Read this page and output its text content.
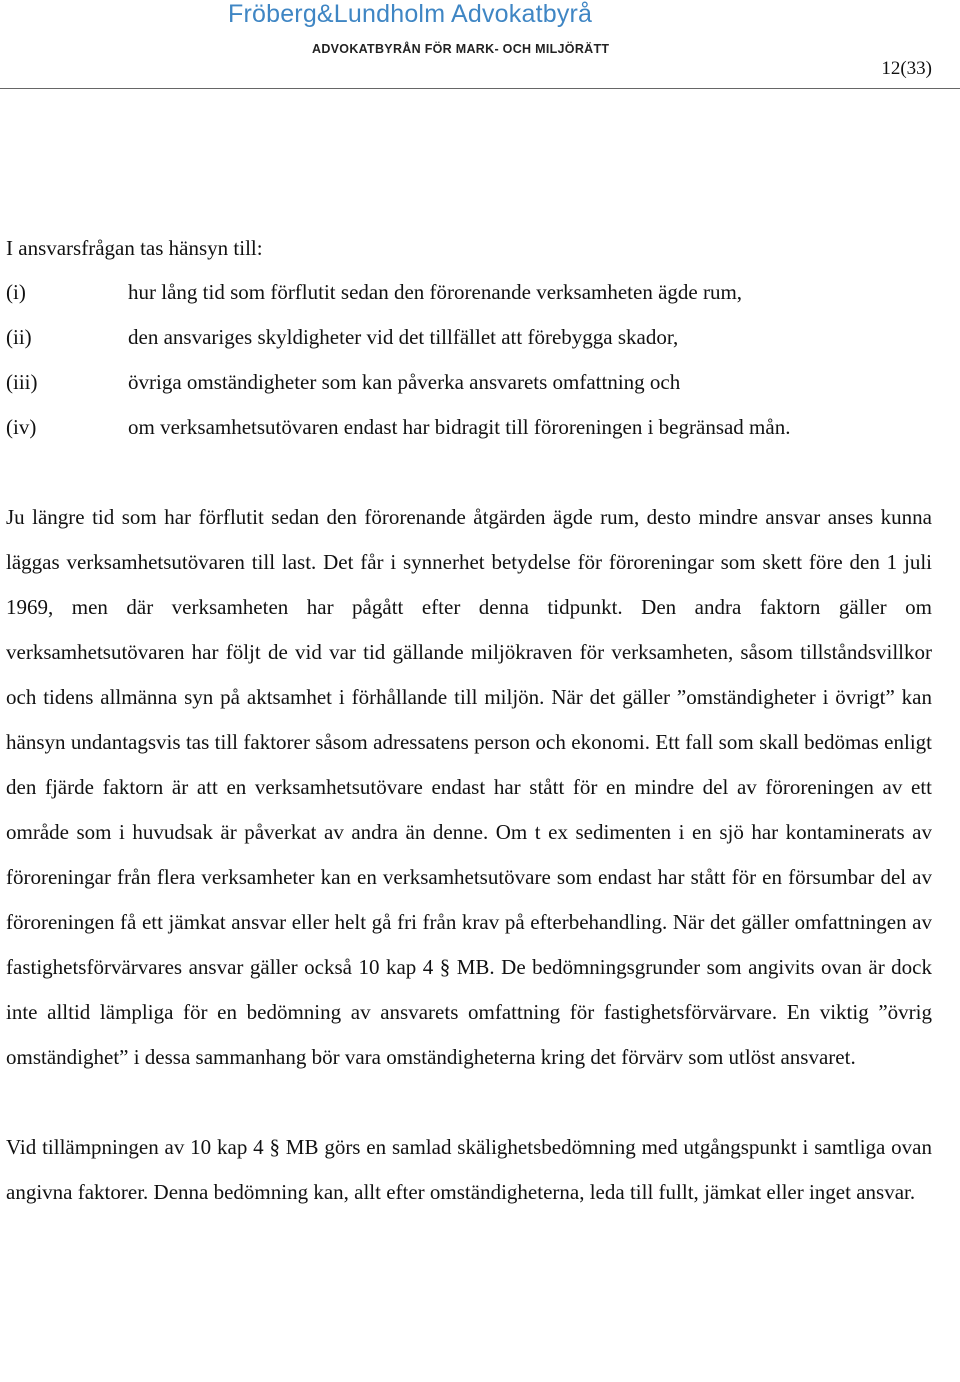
Fröberg&Lundholm Advokatbyrå
ADVOKATBYRÅN FÖR MARK- OCH MILJÖRÄTT
12(33)
I ansvarsfrågan tas hänsyn till:
(i)	hur lång tid som förflutit sedan den förorenande verksamheten ägde rum,
(ii)	den ansvariges skyldigheter vid det tillfället att förebygga skador,
(iii)	övriga omständigheter som kan påverka ansvarets omfattning och
(iv)	om verksamhetsutövaren endast har bidragit till föroreningen i begränsad mån.

Ju längre tid som har förflutit sedan den förorenande åtgärden ägde rum, desto mindre ansvar anses kunna läggas verksamhetsutövaren till last. Det får i synnerhet betydelse för föroreningar som skett före den 1 juli 1969, men där verksamheten har pågått efter denna tidpunkt. Den andra faktorn gäller om verksamhetsutövaren har följt de vid var tid gällande miljökraven för verksamheten, såsom tillståndsvillkor och tidens allmänna syn på aktsamhet i förhållande till miljön. När det gäller ”omständigheter i övrigt” kan hänsyn undantagsvis tas till faktorer såsom adressatens person och ekonomi. Ett fall som skall bedömas enligt den fjärde faktorn är att en verksamhetsutövare endast har stått för en mindre del av föroreningen av ett område som i huvudsak är påverkat av andra än denne. Om t ex sedimenten i en sjö har kontaminerats av föroreningar från flera verksamheter kan en verksamhetsutövare som endast har stått för en försumbar del av föroreningen få ett jämkat ansvar eller helt gå fri från krav på efterbehandling. När det gäller omfattningen av fastighetsförvärvares ansvar gäller också 10 kap 4 § MB. De bedömningsgrunder som angivits ovan är dock inte alltid lämpliga för en bedömning av ansvarets omfattning för fastighetsförvärvare. En viktig ”övrig omständighet” i dessa sammanhang bör vara omständigheterna kring det förvärv som utlöst ansvaret.

Vid tillämpningen av 10 kap 4 § MB görs en samlad skälighetsbedömning med utgångspunkt i samtliga ovan angivna faktorer. Denna bedömning kan, allt efter omständigheterna, leda till fullt, jämkat eller inget ansvar.
